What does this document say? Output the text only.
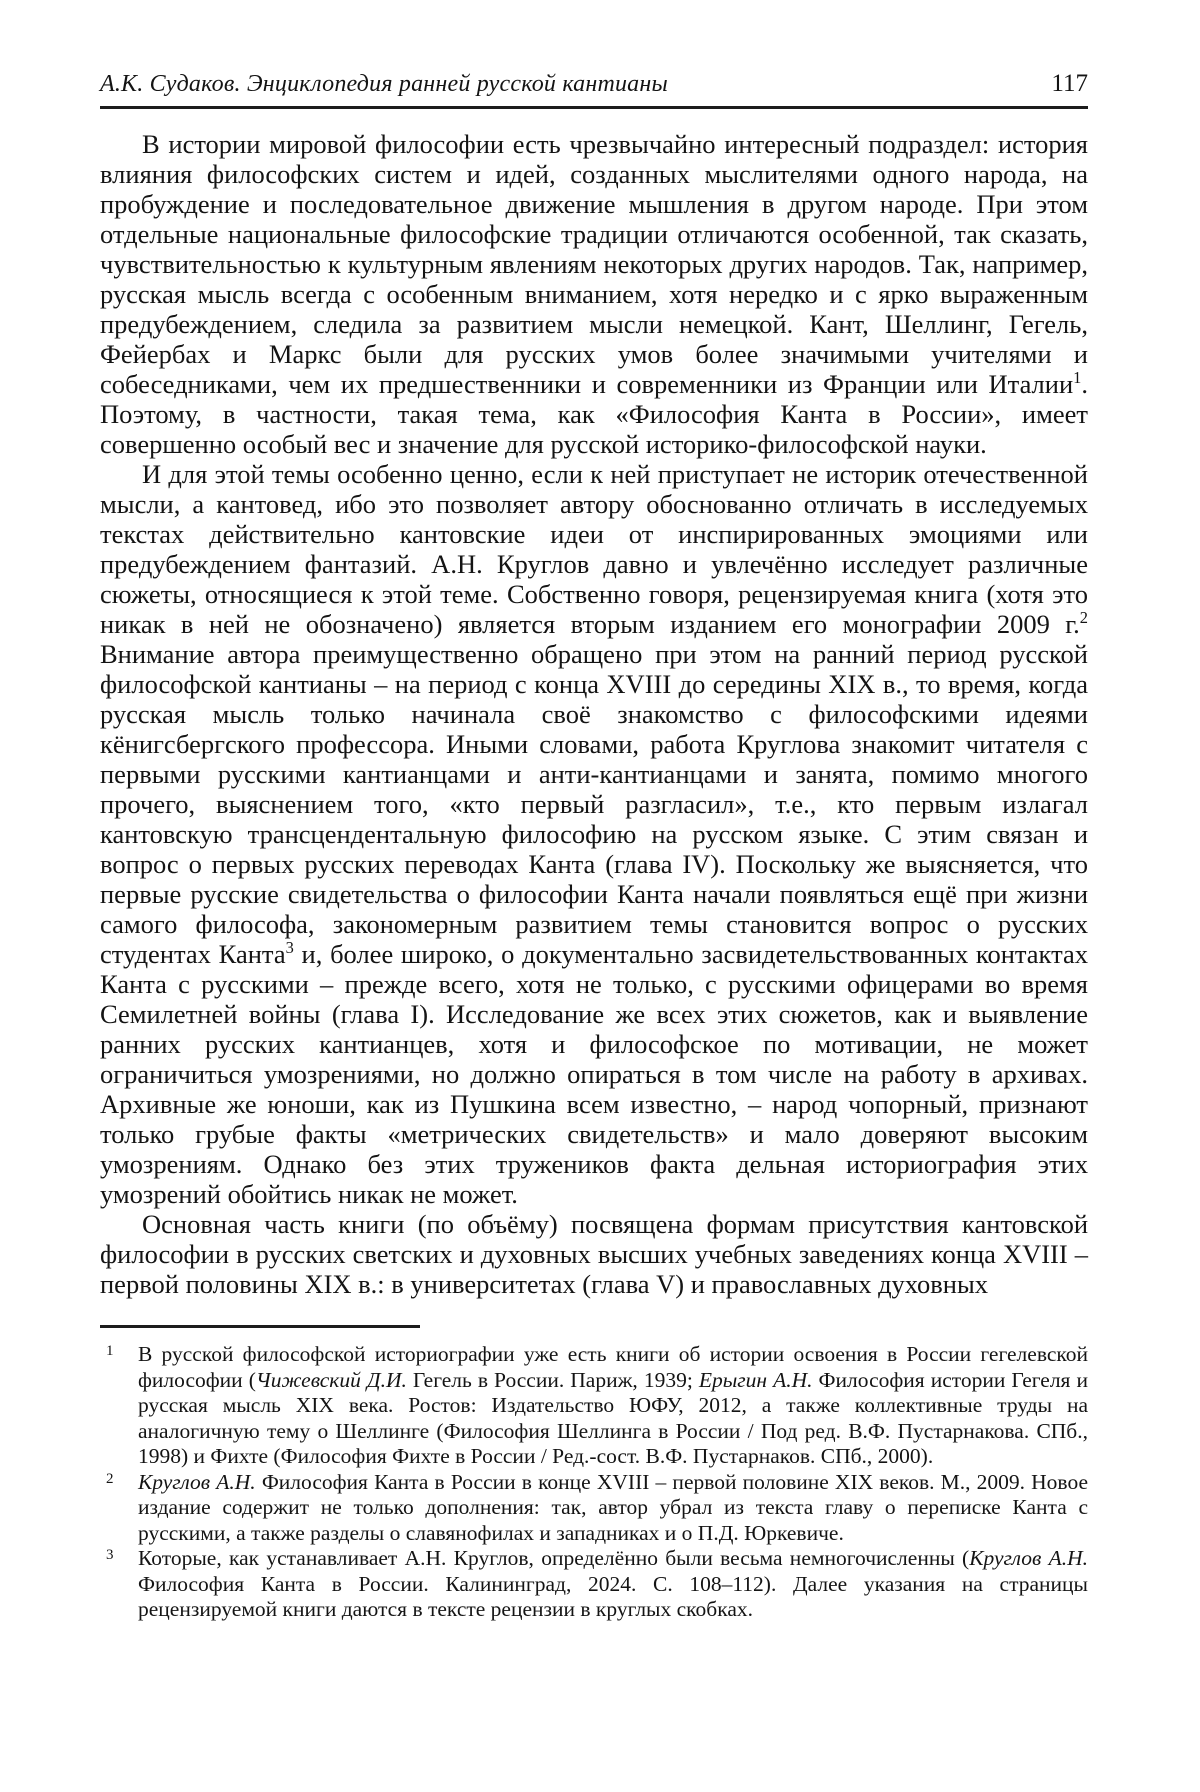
А.К. Судаков. Энциклопедия ранней русской кантианы	117

В истории мировой философии есть чрезвычайно интересный подраздел: история влияния философских систем и идей, созданных мыслителями одного народа, на пробуждение и последовательное движение мышления в другом народе. При этом отдельные национальные философские традиции отличаются особенной, так сказать, чувствительностью к культурным явлениям некоторых других народов. Так, например, русская мысль всегда с особенным вниманием, хотя нередко и с ярко выраженным предубеждением, следила за развитием мысли немецкой. Кант, Шеллинг, Гегель, Фейербах и Маркс были для русских умов более значимыми учителями и собеседниками, чем их предшественники и современники из Франции или Италии$^1$. Поэтому, в частности, такая тема, как «Философия Канта в России», имеет совершенно особый вес и значение для русской историко-философской науки.

И для этой темы особенно ценно, если к ней приступает не историк отечественной мысли, а кантовед, ибо это позволяет автору обоснованно отличать в исследуемых текстах действительно кантовские идеи от инспирированных эмоциями или предубеждением фантазий. А.Н. Круглов давно и увлечённо исследует различные сюжеты, относящиеся к этой теме. Собственно говоря, рецензируемая книга (хотя это никак в ней не обозначено) является вторым изданием его монографии 2009 г.$^2$ Внимание автора преимущественно обращено при этом на ранний период русской философской кантианы – на период с конца XVIII до середины XIX в., то время, когда русская мысль только начинала своё знакомство с философскими идеями кёнигсбергского профессора. Иными словами, работа Круглова знакомит читателя с первыми русскими кантианцами и анти-кантианцами и занята, помимо многого прочего, выяснением того, «кто первый разгласил», т.е., кто первым излагал кантовскую трансцендентальную философию на русском языке. С этим связан и вопрос о первых русских переводах Канта (глава IV). Поскольку же выясняется, что первые русские свидетельства о философии Канта начали появляться ещё при жизни самого философа, закономерным развитием темы становится вопрос о русских студентах Канта$^3$ и, более широко, о документально засвидетельствованных контактах Канта с русскими – прежде всего, хотя не только, с русскими офицерами во время Семилетней войны (глава I). Исследование же всех этих сюжетов, как и выявление ранних русских кантианцев, хотя и философское по мотивации, не может ограничиться умозрениями, но должно опираться в том числе на работу в архивах. Архивные же юноши, как из Пушкина всем известно, – народ чопорный, признают только грубые факты «метрических свидетельств» и мало доверяют высоким умозрениям. Однако без этих тружеников факта дельная историография этих умозрений обойтись никак не может.

Основная часть книги (по объёму) посвящена формам присутствия кантовской философии в русских светских и духовных высших учебных заведениях конца XVIII – первой половины XIX в.: в университетах (глава V) и православных духовных

1 В русской философской историографии уже есть книги об истории освоения в России гегелевской философии (Чижевский Д.И. Гегель в России. Париж, 1939; Ерыгин А.Н. Философия истории Гегеля и русская мысль XIX века. Ростов: Издательство ЮФУ, 2012, а также коллективные труды на аналогичную тему о Шеллинге (Философия Шеллинга в России / Под ред. В.Ф. Пустарнакова. СПб., 1998) и Фихте (Философия Фихте в России / Ред.-сост. В.Ф. Пустарнаков. СПб., 2000).
2 Круглов А.Н. Философия Канта в России в конце XVIII – первой половине XIX веков. М., 2009. Новое издание содержит не только дополнения: так, автор убрал из текста главу о переписке Канта с русскими, а также разделы о славянофилах и западниках и о П.Д. Юркевиче.
3 Которые, как устанавливает А.Н. Круглов, определённо были весьма немногочисленны (Круглов А.Н. Философия Канта в России. Калининград, 2024. С. 108–112). Далее указания на страницы рецензируемой книги даются в тексте рецензии в круглых скобках.
